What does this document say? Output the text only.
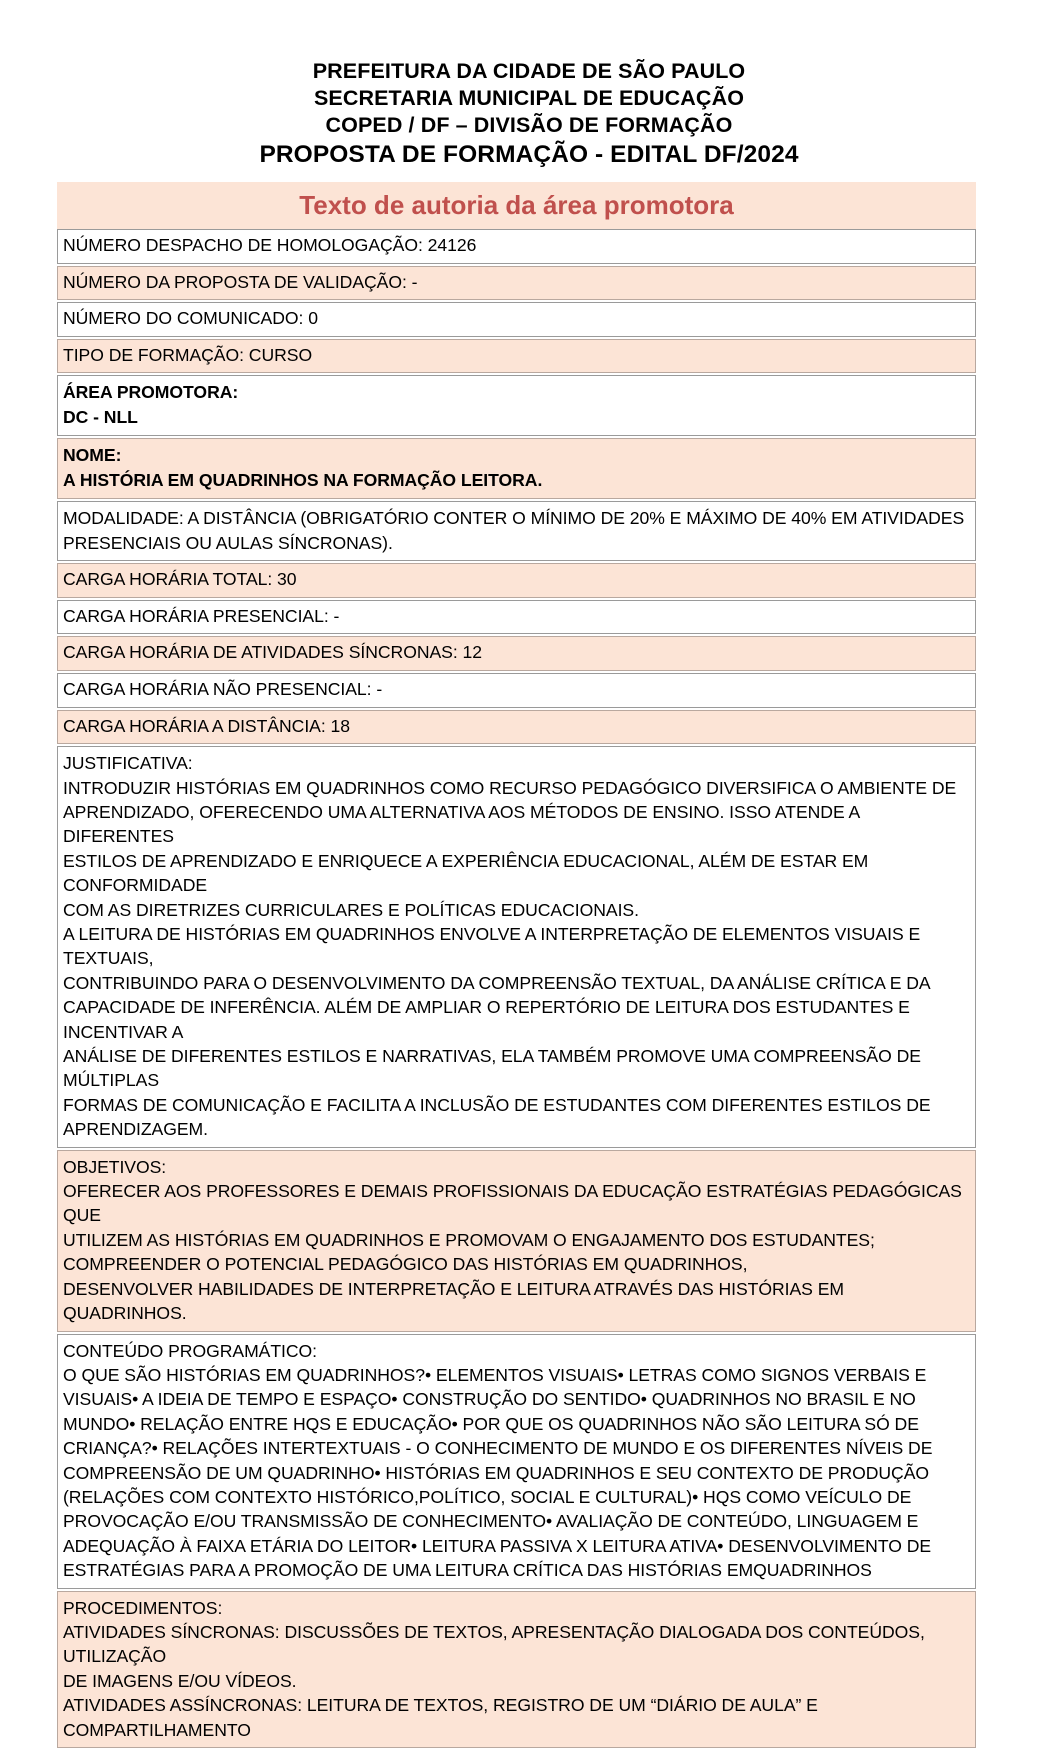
PREFEITURA DA CIDADE DE SÃO PAULO
SECRETARIA MUNICIPAL DE EDUCAÇÃO
COPED / DF – DIVISÃO DE FORMAÇÃO
PROPOSTA DE FORMAÇÃO - EDITAL DF/2024
Texto de autoria da área promotora
NÚMERO DESPACHO DE HOMOLOGAÇÃO: 24126
NÚMERO DA PROPOSTA DE VALIDAÇÃO: -
NÚMERO DO COMUNICADO: 0
TIPO DE FORMAÇÃO: CURSO
ÁREA PROMOTORA:
DC - NLL
NOME:
A HISTÓRIA EM QUADRINHOS NA FORMAÇÃO LEITORA.
MODALIDADE: A DISTÂNCIA (OBRIGATÓRIO CONTER O MÍNIMO DE 20% E MÁXIMO DE 40% EM ATIVIDADES
PRESENCIAIS OU AULAS SÍNCRONAS).
CARGA HORÁRIA TOTAL: 30
CARGA HORÁRIA PRESENCIAL: -
CARGA HORÁRIA DE ATIVIDADES SÍNCRONAS: 12
CARGA HORÁRIA NÃO PRESENCIAL: -
CARGA HORÁRIA A DISTÂNCIA: 18
JUSTIFICATIVA:
INTRODUZIR HISTÓRIAS EM QUADRINHOS COMO RECURSO PEDAGÓGICO DIVERSIFICA O AMBIENTE DE
APRENDIZADO, OFERECENDO UMA ALTERNATIVA AOS MÉTODOS DE ENSINO. ISSO ATENDE A DIFERENTES
ESTILOS DE APRENDIZADO E ENRIQUECE A EXPERIÊNCIA EDUCACIONAL, ALÉM DE ESTAR EM CONFORMIDADE
COM AS DIRETRIZES CURRICULARES E POLÍTICAS EDUCACIONAIS.
A LEITURA DE HISTÓRIAS EM QUADRINHOS ENVOLVE A INTERPRETAÇÃO DE ELEMENTOS VISUAIS E TEXTUAIS,
CONTRIBUINDO PARA O DESENVOLVIMENTO DA COMPREENSÃO TEXTUAL, DA ANÁLISE CRÍTICA E DA
CAPACIDADE DE INFERÊNCIA. ALÉM DE AMPLIAR O REPERTÓRIO DE LEITURA DOS ESTUDANTES E INCENTIVAR A
ANÁLISE DE DIFERENTES ESTILOS E NARRATIVAS, ELA TAMBÉM PROMOVE UMA COMPREENSÃO DE MÚLTIPLAS
FORMAS DE COMUNICAÇÃO E FACILITA A INCLUSÃO DE ESTUDANTES COM DIFERENTES ESTILOS DE
APRENDIZAGEM.
OBJETIVOS:
OFERECER AOS PROFESSORES E DEMAIS PROFISSIONAIS DA EDUCAÇÃO ESTRATÉGIAS PEDAGÓGICAS QUE
UTILIZEM AS HISTÓRIAS EM QUADRINHOS E PROMOVAM O ENGAJAMENTO DOS ESTUDANTES;
COMPREENDER O POTENCIAL PEDAGÓGICO DAS HISTÓRIAS EM QUADRINHOS,
DESENVOLVER HABILIDADES DE INTERPRETAÇÃO E LEITURA ATRAVÉS DAS HISTÓRIAS EM QUADRINHOS.
CONTEÚDO PROGRAMÁTICO:
O QUE SÃO HISTÓRIAS EM QUADRINHOS?• ELEMENTOS VISUAIS• LETRAS COMO SIGNOS VERBAIS E
VISUAIS• A IDEIA DE TEMPO E ESPAÇO• CONSTRUÇÃO DO SENTIDO• QUADRINHOS NO BRASIL E NO
MUNDO• RELAÇÃO ENTRE HQS E EDUCAÇÃO• POR QUE OS QUADRINHOS NÃO SÃO LEITURA SÓ DE
CRIANÇA?• RELAÇÕES INTERTEXTUAIS - O CONHECIMENTO DE MUNDO E OS DIFERENTES NÍVEIS DE
COMPREENSÃO DE UM QUADRINHO• HISTÓRIAS EM QUADRINHOS E SEU CONTEXTO DE PRODUÇÃO
(RELAÇÕES COM CONTEXTO HISTÓRICO,POLÍTICO, SOCIAL E CULTURAL)• HQS COMO VEÍCULO DE
PROVOCAÇÃO E/OU TRANSMISSÃO DE CONHECIMENTO• AVALIAÇÃO DE CONTEÚDO, LINGUAGEM E
ADEQUAÇÃO À FAIXA ETÁRIA DO LEITOR• LEITURA PASSIVA X LEITURA ATIVA• DESENVOLVIMENTO DE
ESTRATÉGIAS PARA A PROMOÇÃO DE UMA LEITURA CRÍTICA DAS HISTÓRIAS EMQUADRINHOS
PROCEDIMENTOS:
ATIVIDADES SÍNCRONAS: DISCUSSÕES DE TEXTOS, APRESENTAÇÃO DIALOGADA DOS CONTEÚDOS, UTILIZAÇÃO
DE IMAGENS E/OU VÍDEOS.
ATIVIDADES ASSÍNCRONAS: LEITURA DE TEXTOS, REGISTRO DE UM “DIÁRIO DE AULA” E COMPARTILHAMENTO
